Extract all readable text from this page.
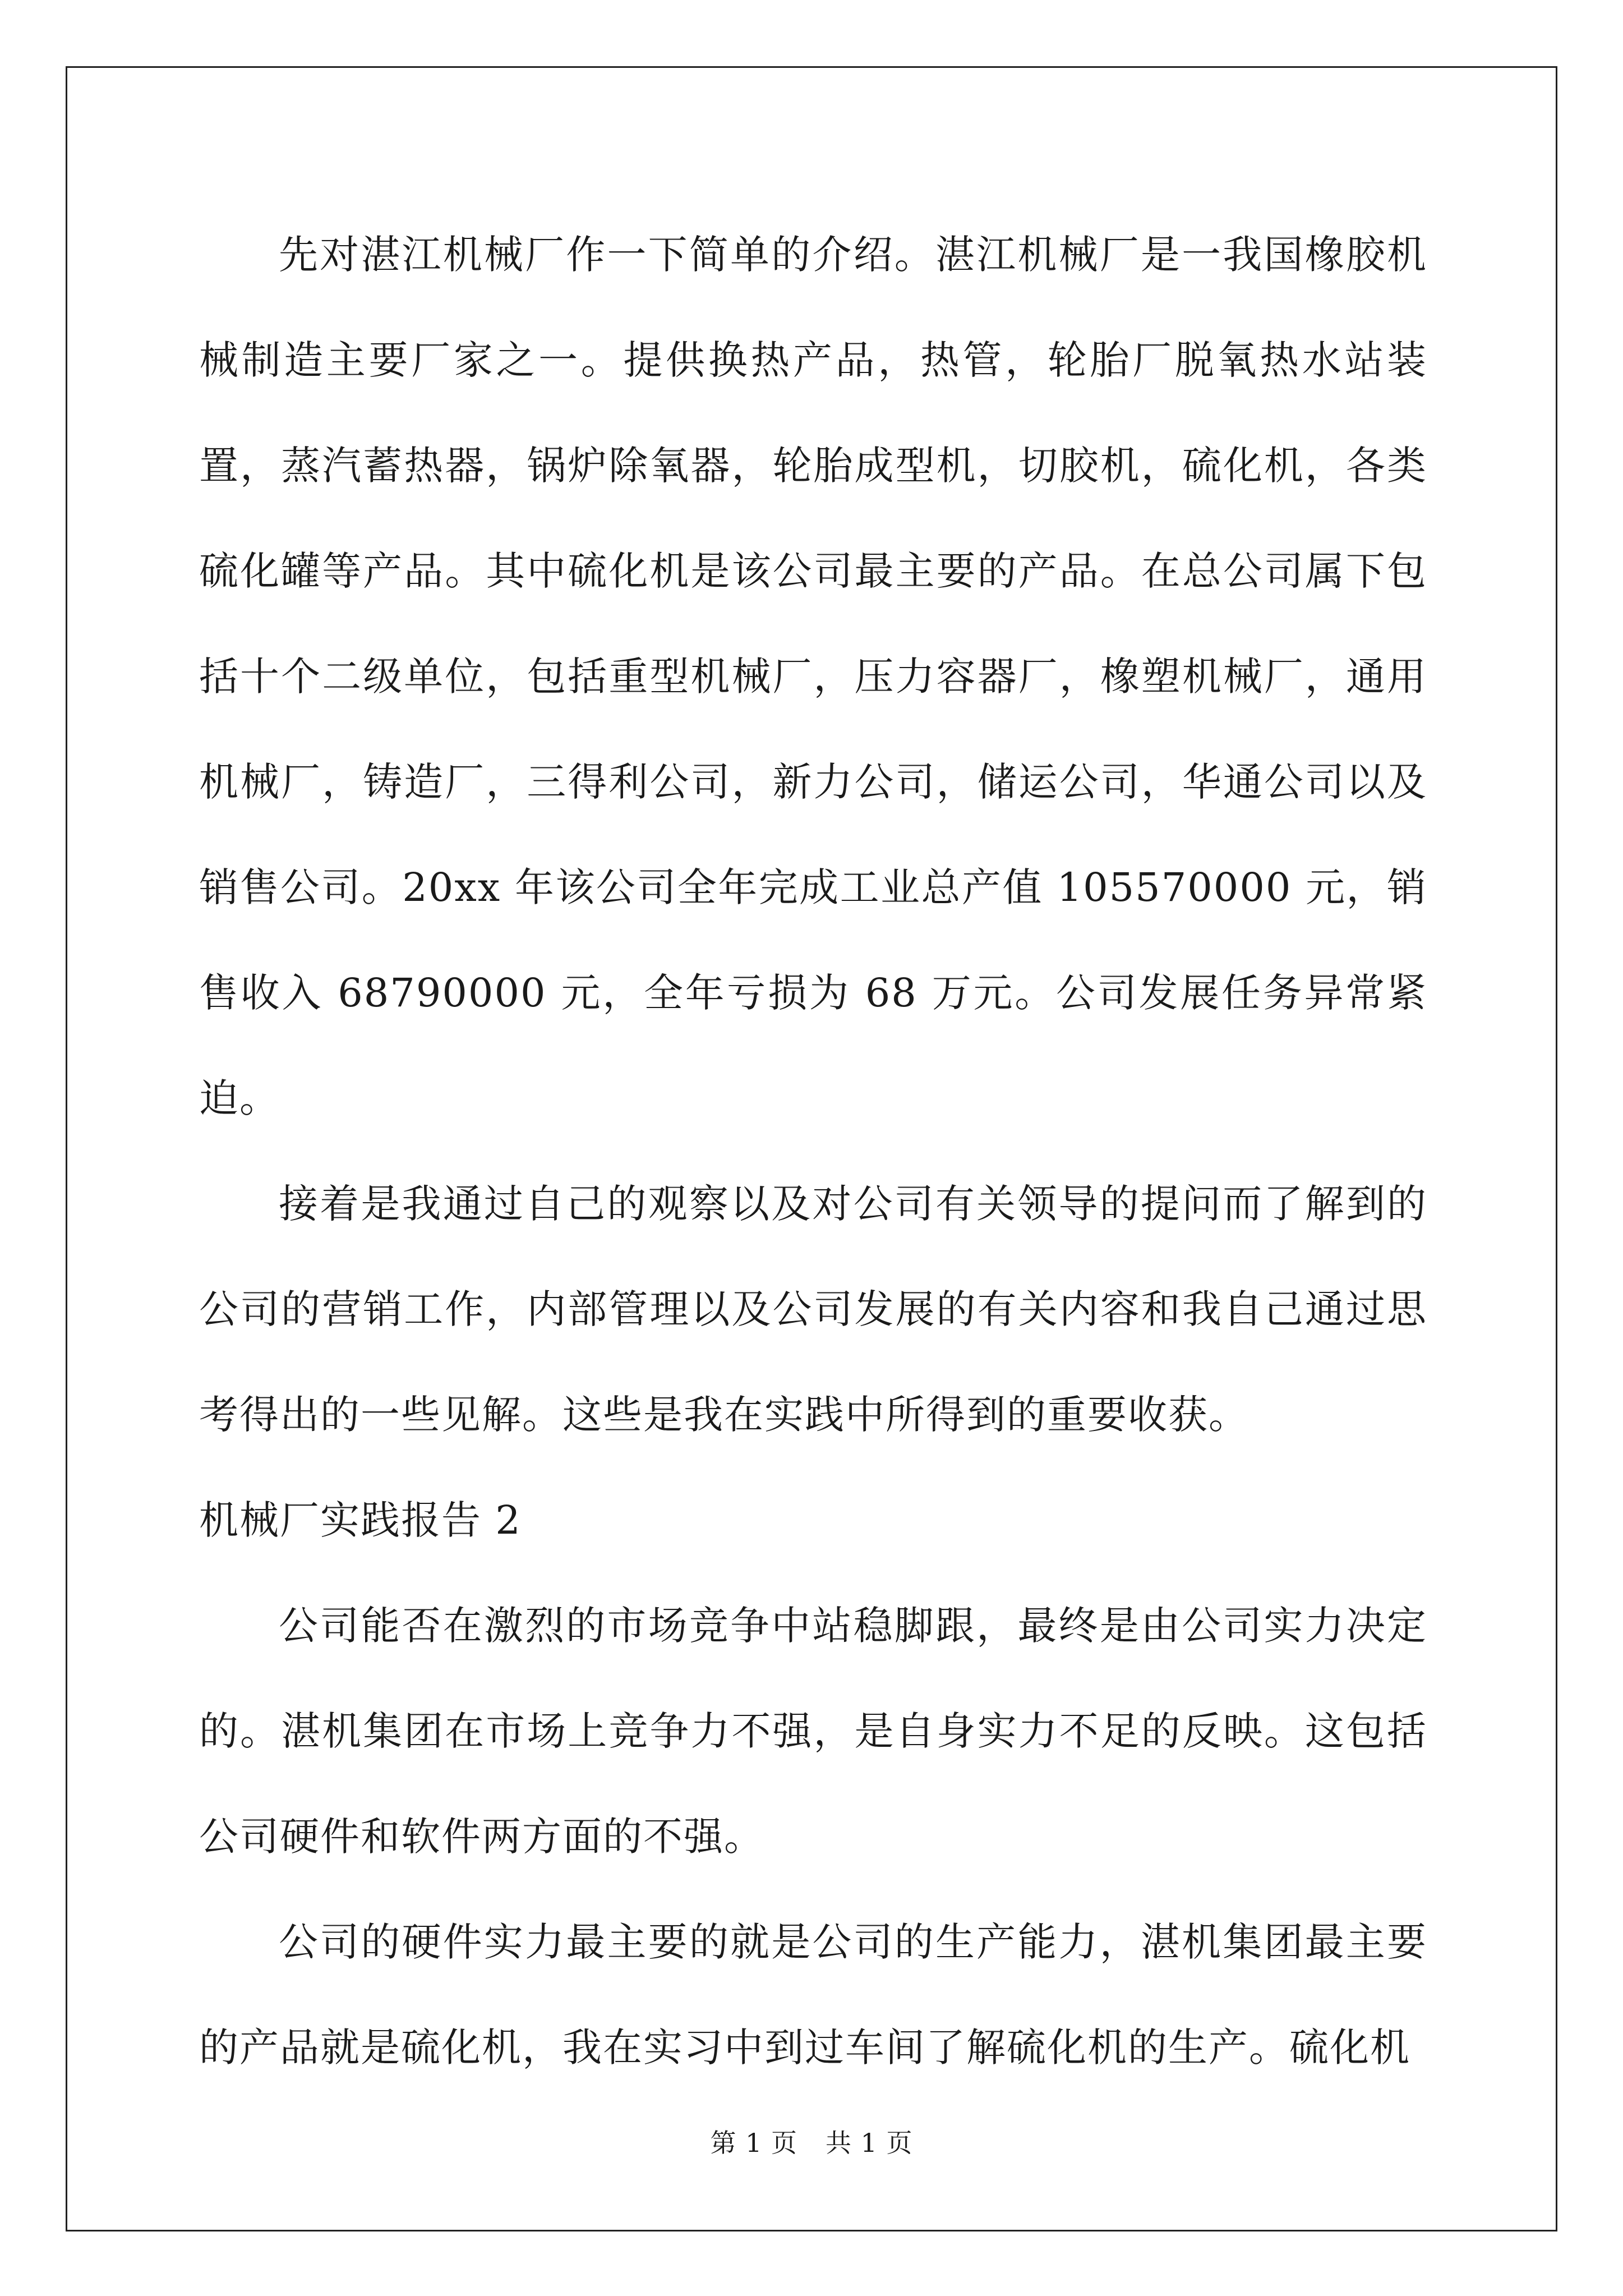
先对湛江机械厂作一下简单的介绍。湛江机械厂是一我国橡胶机械制造主要厂家之一。提供换热产品，热管，轮胎厂脱氧热水站装置，蒸汽蓄热器，锅炉除氧器，轮胎成型机，切胶机，硫化机，各类硫化罐等产品。其中硫化机是该公司最主要的产品。在总公司属下包括十个二级单位，包括重型机械厂，压力容器厂，橡塑机械厂，通用机械厂，铸造厂，三得利公司，新力公司，储运公司，华通公司以及销售公司。20xx 年该公司全年完成工业总产值 105570000 元，销售收入 68790000 元，全年亏损为 68 万元。公司发展任务异常紧迫。

接着是我通过自己的观察以及对公司有关领导的提问而了解到的公司的营销工作，内部管理以及公司发展的有关内容和我自己通过思考得出的一些见解。这些是我在实践中所得到的重要收获。

机械厂实践报告 2

公司能否在激烈的市场竞争中站稳脚跟，最终是由公司实力决定的。湛机集团在市场上竞争力不强，是自身实力不足的反映。这包括公司硬件和软件两方面的不强。

公司的硬件实力最主要的就是公司的生产能力，湛机集团最主要的产品就是硫化机，我在实习中到过车间了解硫化机的生产。硫化机

第 1 页 共 1 页
